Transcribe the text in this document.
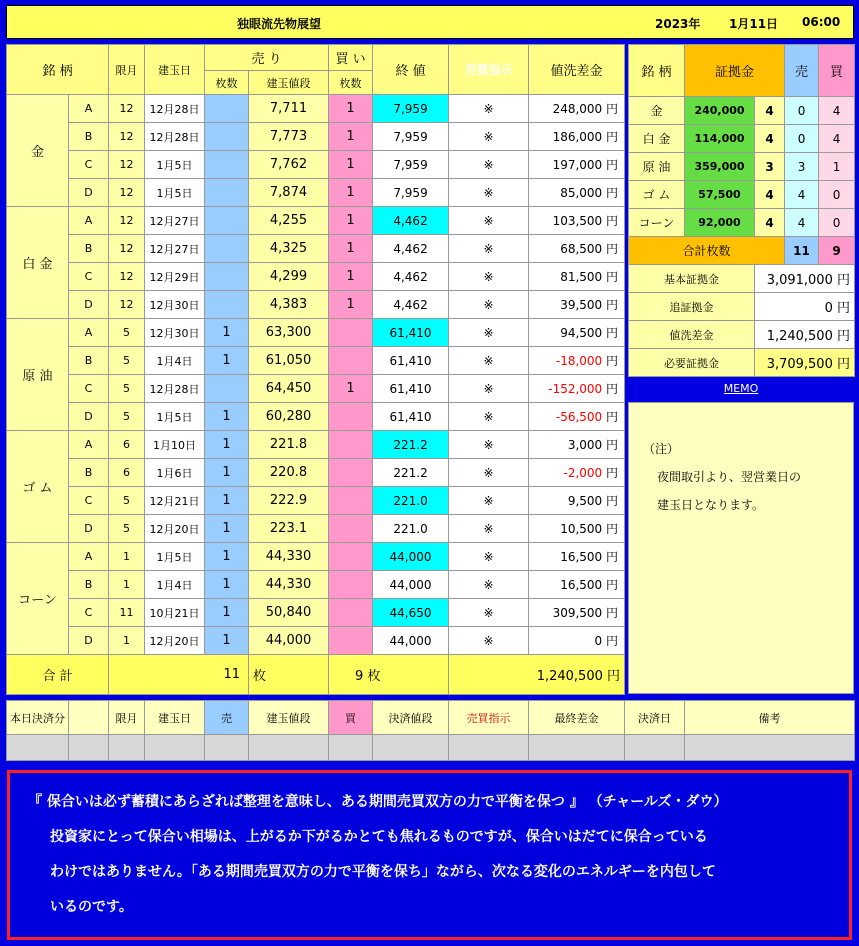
独眼流先物展望	2023年 1月11日 06:00
銘 柄		限月	建玉日	売 り		買 い	終 値	売買指示	値洗差金
				枚数	建玉値段	枚数			
金	A	12	12月28日		7,711	1	7,959	※	248,000 円
	B	12	12月28日		7,773	1	7,959	※	186,000 円
	C	12	1月5日		7,762	1	7,959	※	197,000 円
	D	12	1月5日		7,874	1	7,959	※	85,000 円
白 金	A	12	12月27日		4,255	1	4,462	※	103,500 円
	B	12	12月27日		4,325	1	4,462	※	68,500 円
	C	12	12月29日		4,299	1	4,462	※	81,500 円
	D	12	12月30日		4,383	1	4,462	※	39,500 円
原 油	A	5	12月30日	1	63,300		61,410	※	94,500 円
	B	5	1月4日	1	61,050		61,410	※	-18,000 円
	C	5	12月28日		64,450	1	61,410	※	-152,000 円
	D	5	1月5日	1	60,280		61,410	※	-56,500 円
ゴ ム	A	6	1月10日	1	221.8		221.2	※	3,000 円
	B	6	1月6日	1	220.8		221.2	※	-2,000 円
	C	5	12月21日	1	222.9		221.0	※	9,500 円
	D	5	12月20日	1	223.1		221.0	※	10,500 円
コーン	A	1	1月5日	1	44,330		44,000	※	16,500 円
	B	1	1月4日	1	44,330		44,000	※	16,500 円
	C	11	10月21日	1	50,840		44,650	※	309,500 円
	D	1	12月20日	1	44,000		44,000	※	0 円
合 計		11			枚	9 枚		1,240,500 円	
銘 柄	証拠金		売	買
金	240,000	4	0	4
白 金	114,000	4	0	4
原 油	359,000	3	3	1
ゴ ム	57,500	4	4	0
コーン	92,000	4	4	0
合計枚数			11	9
基本証拠金		3,091,000 円		
追証拠金		0 円		
値洗差金		1,240,500 円		
必要証拠金		3,709,500 円		
MEMO
（注）
夜間取引より、翌営業日の
建玉日となります。
本日決済分		限月	建玉日	売	建玉値段	買	決済値段	売買指示	最終差金	決済日	備考

『 保合いは必ず蓄積にあらざれば整理を意味し、ある期間売買双方の力で平衡を保つ 』 （チャールズ・ダウ）

投資家にとって保合い相場は、上がるか下がるかとても焦れるものですが、保合いはだてに保合っている

わけではありません。「ある期間売買双方の力で平衡を保ち」ながら、次なる変化のエネルギーを内包して

いるのです。
